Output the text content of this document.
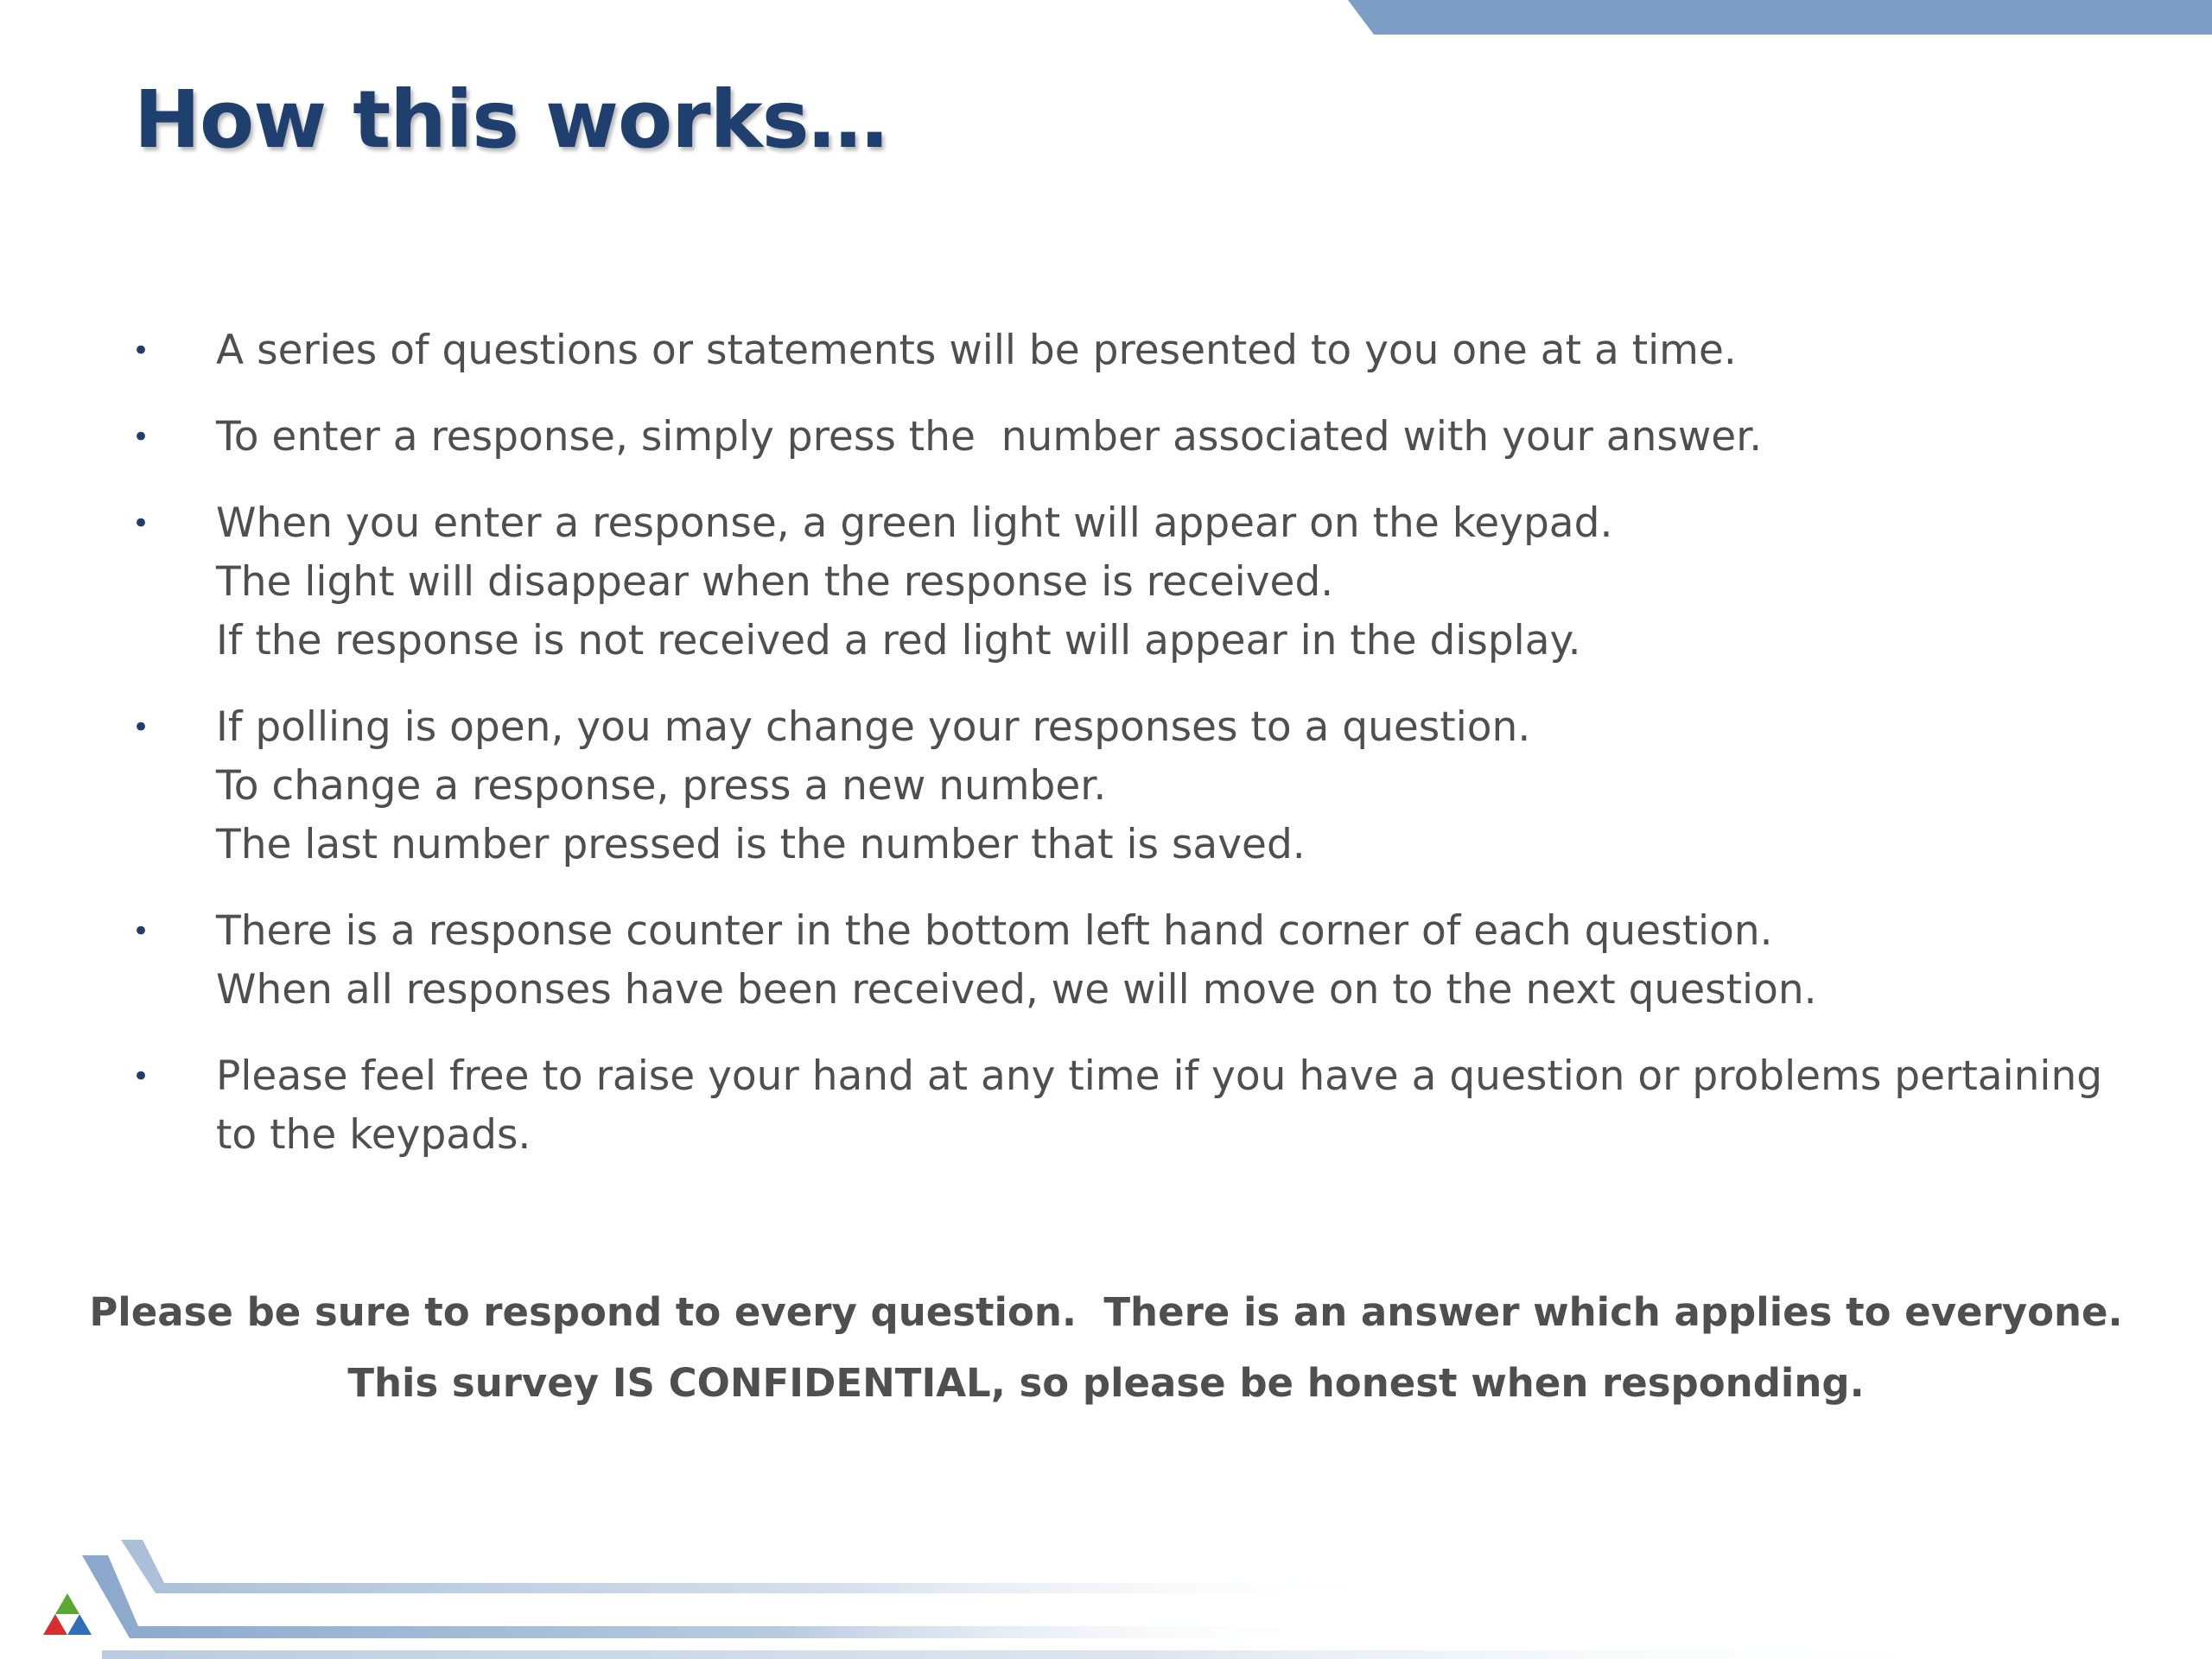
How this works…
• A series of questions or statements will be presented to you one at a time.
• To enter a response, simply press the  number associated with your answer.
• When you enter a response, a green light will appear on the keypad.
The light will disappear when the response is received.
If the response is not received a red light will appear in the display.
• If polling is open, you may change your responses to a question.
To change a response, press a new number.
The last number pressed is the number that is saved.
• There is a response counter in the bottom left hand corner of each question.
When all responses have been received, we will move on to the next question.
• Please feel free to raise your hand at any time if you have a question or problems pertaining
to the keypads.
Please be sure to respond to every question.  There is an answer which applies to everyone.
This survey IS CONFIDENTIAL, so please be honest when responding.
